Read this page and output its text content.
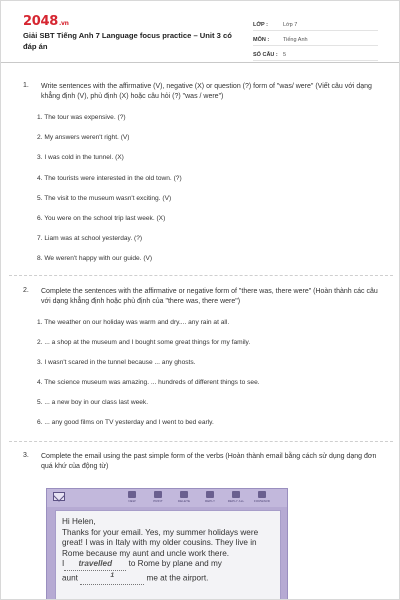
2048.vn
Giải SBT Tiếng Anh 7 Language focus practice – Unit 3 có đáp án
LỚP :	Lớp 7
MÔN :	Tiếng Anh
SỐ CÂU : 5
1. Write sentences with the affirmative (V), negative (X) or question (?) form of "was/ were" (Viết câu với dạng khẳng định (V), phủ định (X) hoặc câu hỏi (?) "was / were")
1. The tour was expensive. (?)
2. My answers weren't right. (V)
3. I was cold in the tunnel. (X)
4. The tourists were interested in the old town. (?)
5. The visit to the museum wasn't exciting. (V)
6. You were on the school trip last week. (X)
7. Liam was at school yesterday. (?)
8. We weren't happy with our guide. (V)
2. Complete the sentences with the affirmative or negative form of "there was, there were" (Hoàn thành các câu với dạng khẳng định hoặc phủ định của "there was, there were")
1. The weather on our holiday was warm and dry.... any rain at all.
2. ... a shop at the museum and I bought some great things for my family.
3. I wasn't scared in the tunnel because ... any ghosts.
4. The science museum was amazing. ... hundreds of different things to see.
5. ... a new boy in our class last week.
6. ... any good films on TV yesterday and I went to bed early.
3. Complete the email using the past simple form of the verbs (Hoàn thành email bằng cách sử dụng dạng đơn quá khứ của động từ)
NEW	PRINT	DELETE	REPLY	REPLY ALL	FORWARD
Hi Helen,
Thanks for your email. Yes, my summer holidays were great! I was in Italy with my older cousins. They live in Rome because my aunt and uncle work there.
I travelled to Rome by plane and my
aunt	$^1$	me at the airport.
